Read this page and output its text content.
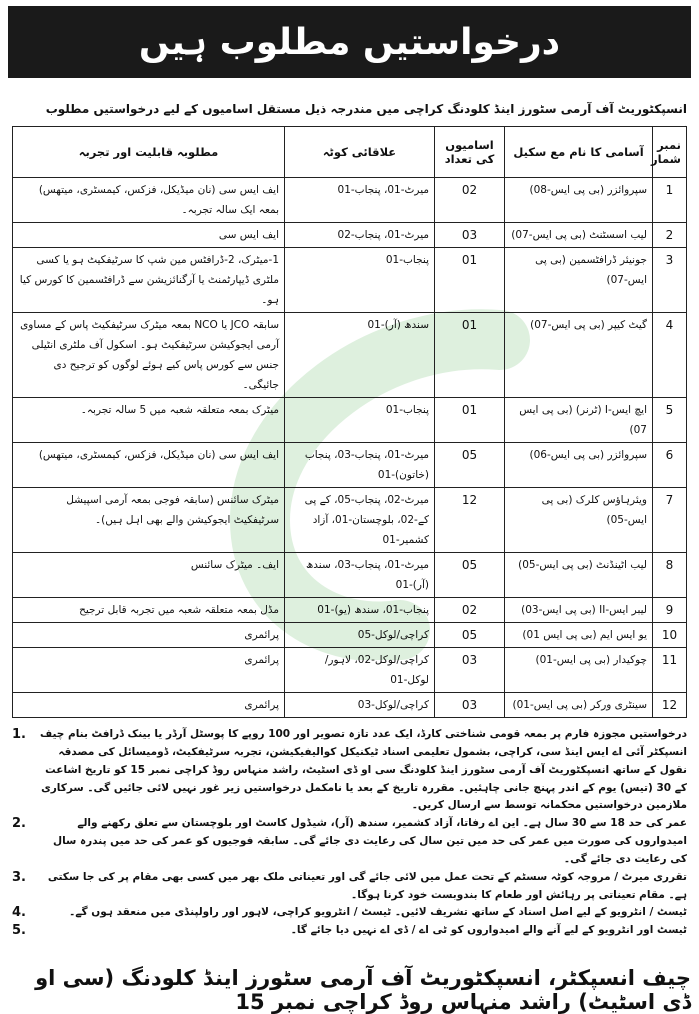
درخواستیں مطلوب ہیں
انسپکٹوریٹ آف آرمی سٹورز اینڈ کلودنگ کراچی میں مندرجہ ذیل مستقل اسامیوں کے لیے درخواستیں مطلوب
نمبر شمار	آسامی کا نام مع سکیل	اسامیوں کی تعداد	علاقائی کوٹہ	مطلوبہ قابلیت اور تجربہ
1	سپروائزر (بی پی ایس-08)	02	میرٹ-01، پنجاب-01	ایف ایس سی (نان میڈیکل، فزکس، کیمسٹری، میتھس) بمعہ ایک سالہ تجربہ۔
2	لیب اسسٹنٹ (بی پی ایس-07)	03	میرٹ-01، پنجاب-02	ایف ایس سی
3	جونیئر ڈرافٹسمین (بی پی ایس-07)	01	پنجاب-01	1-میٹرک، 2-ڈرافٹس مین شپ کا سرٹیفکیٹ ہو یا کسی ملٹری ڈیپارٹمنٹ یا آرگنائزیشن سے ڈرافٹسمین کا کورس کیا ہو۔
4	گیٹ کیپر (بی پی ایس-07)	01	سندھ (آر)-01	سابقہ JCO یا NCO بمعہ میٹرک سرٹیفکیٹ پاس کے مساوی آرمی ایجوکیشن سرٹیفکیٹ ہو۔ اسکول آف ملٹری انٹیلی جنس سے کورس پاس کیے ہوئے لوگوں کو ترجیح دی جائیگی۔
5	ایچ ایس-I (ٹرنر) (بی پی ایس 07)	01	پنجاب-01	میٹرک بمعہ متعلقہ شعبہ میں 5 سالہ تجربہ۔
6	سپروائزر (بی پی ایس-06)	05	میرٹ-01، پنجاب-03، پنجاب (خاتون)-01	ایف ایس سی (نان میڈیکل، فزکس، کیمسٹری، میتھس)
7	ویئرہاؤس کلرک (بی پی ایس-05)	12	میرٹ-02، پنجاب-05، کے پی کے-02، بلوچستان-01، آزاد کشمیر-01	میٹرک سائنس (سابقہ فوجی بمعہ آرمی اسپیشل سرٹیفکیٹ ایجوکیشن والے بھی اہل ہیں)۔
8	لیب اٹینڈنٹ (بی پی ایس-05)	05	میرٹ-01، پنجاب-03، سندھ (آر)-01	ایف۔ میٹرک سائنس
9	لیبر ایس-II (بی پی ایس-03)	02	پنجاب-01، سندھ (یو)-01	مڈل بمعہ متعلقہ شعبہ میں تجربہ قابل ترجیح
10	یو ایس ایم (بی پی ایس 01)	05	کراچی/لوکل-05	پرائمری
11	چوکیدار (بی پی ایس-01)	03	کراچی/لوکل-02، لاہور/لوکل-01	پرائمری
12	سینٹری ورکر (بی پی ایس-01)	03	کراچی/لوکل-03	پرائمری
درخواستیں مجوزہ فارم پر بمعہ قومی شناختی کارڈ، ایک عدد تازہ تصویر اور 100 روپے کا پوسٹل آرڈر یا بینک ڈرافٹ بنام چیف انسپکٹر آئی اے ایس اینڈ سی، کراچی، بشمول تعلیمی اسناد ٹیکنیکل کوالیفیکیشن، تجربہ سرٹیفکیٹ، ڈومیسائل کی مصدقہ نقول کے ساتھ انسپکٹوریٹ آف آرمی سٹورز اینڈ کلودنگ سی او ڈی اسٹیٹ، راشد منہاس روڈ کراچی نمبر 15 کو تاریخ اشاعت کے 30 (تیس) یوم کے اندر پہنچ جانی چاہئیں۔ مقررہ تاریخ کے بعد یا نامکمل درخواستیں زیر غور نہیں لائی جائیں گی۔ سرکاری ملازمین درخواستیں محکمانہ توسط سے ارسال کریں۔
1.
عمر کی حد 18 سے 30 سال ہے۔ این اے رفاتا، آزاد کشمیر، سندھ (آر)، شیڈول کاسٹ اور بلوچستان سے تعلق رکھنے والے امیدواروں کی صورت میں عمر کی حد میں تین سال کی رعایت دی جائے گی۔ سابقہ فوجیوں کو عمر کی حد میں پندرہ سال کی رعایت دی جائے گی۔
2.
تقرری میرٹ / مروجہ کوٹہ سسٹم کے تحت عمل میں لائی جائے گی اور تعیناتی ملک بھر میں کسی بھی مقام پر کی جا سکتی ہے۔ مقام تعیناتی پر رہائش اور طعام کا بندوبست خود کرنا ہوگا۔
3.
ٹیسٹ / انٹرویو کے لیے اصل اسناد کے ساتھ تشریف لائیں۔ ٹیسٹ / انٹرویو کراچی، لاہور اور راولپنڈی میں منعقد ہوں گے۔
4.
ٹیسٹ اور انٹرویو کے لیے آنے والے امیدواروں کو ٹی اے / ڈی اے نہیں دیا جائے گا۔
5.
چیف انسپکٹر، انسپکٹوریٹ آف آرمی سٹورز اینڈ کلودنگ (سی او ڈی اسٹیٹ) راشد منہاس روڈ کراچی نمبر 15
